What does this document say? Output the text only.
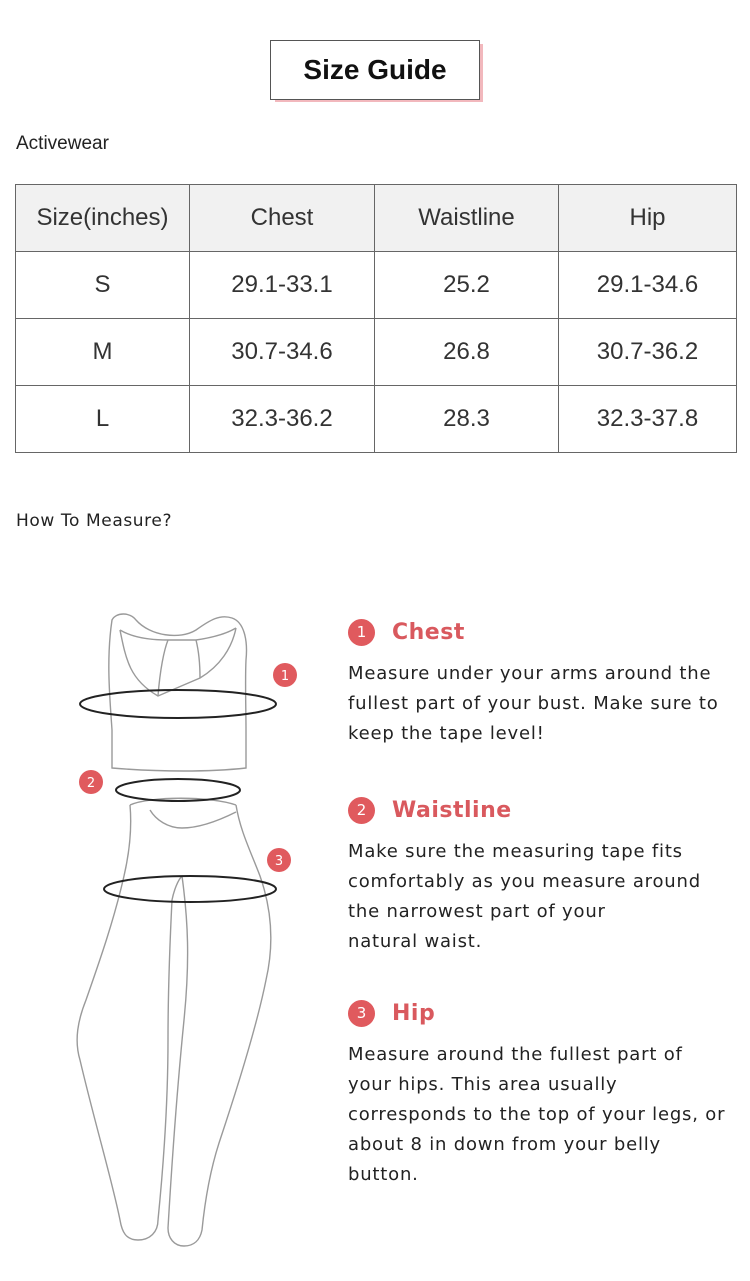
Size Guide
Activewear
Size(inches)	Chest	Waistline	Hip
S	29.1-33.1	25.2	29.1-34.6
M	30.7-34.6	26.8	30.7-36.2
L	32.3-36.2	28.3	32.3-37.8
How To Measure?
1
2
3
1	Chest
Measure under your arms around the
fullest part of your bust. Make sure to
keep the tape level!
2	Waistline
Make sure the measuring tape fits
comfortably as you measure around
the narrowest part of your
natural waist.
3	Hip
Measure around the fullest part of
your hips. This area usually
corresponds to the top of your legs, or
about 8 in down from your belly
button.
